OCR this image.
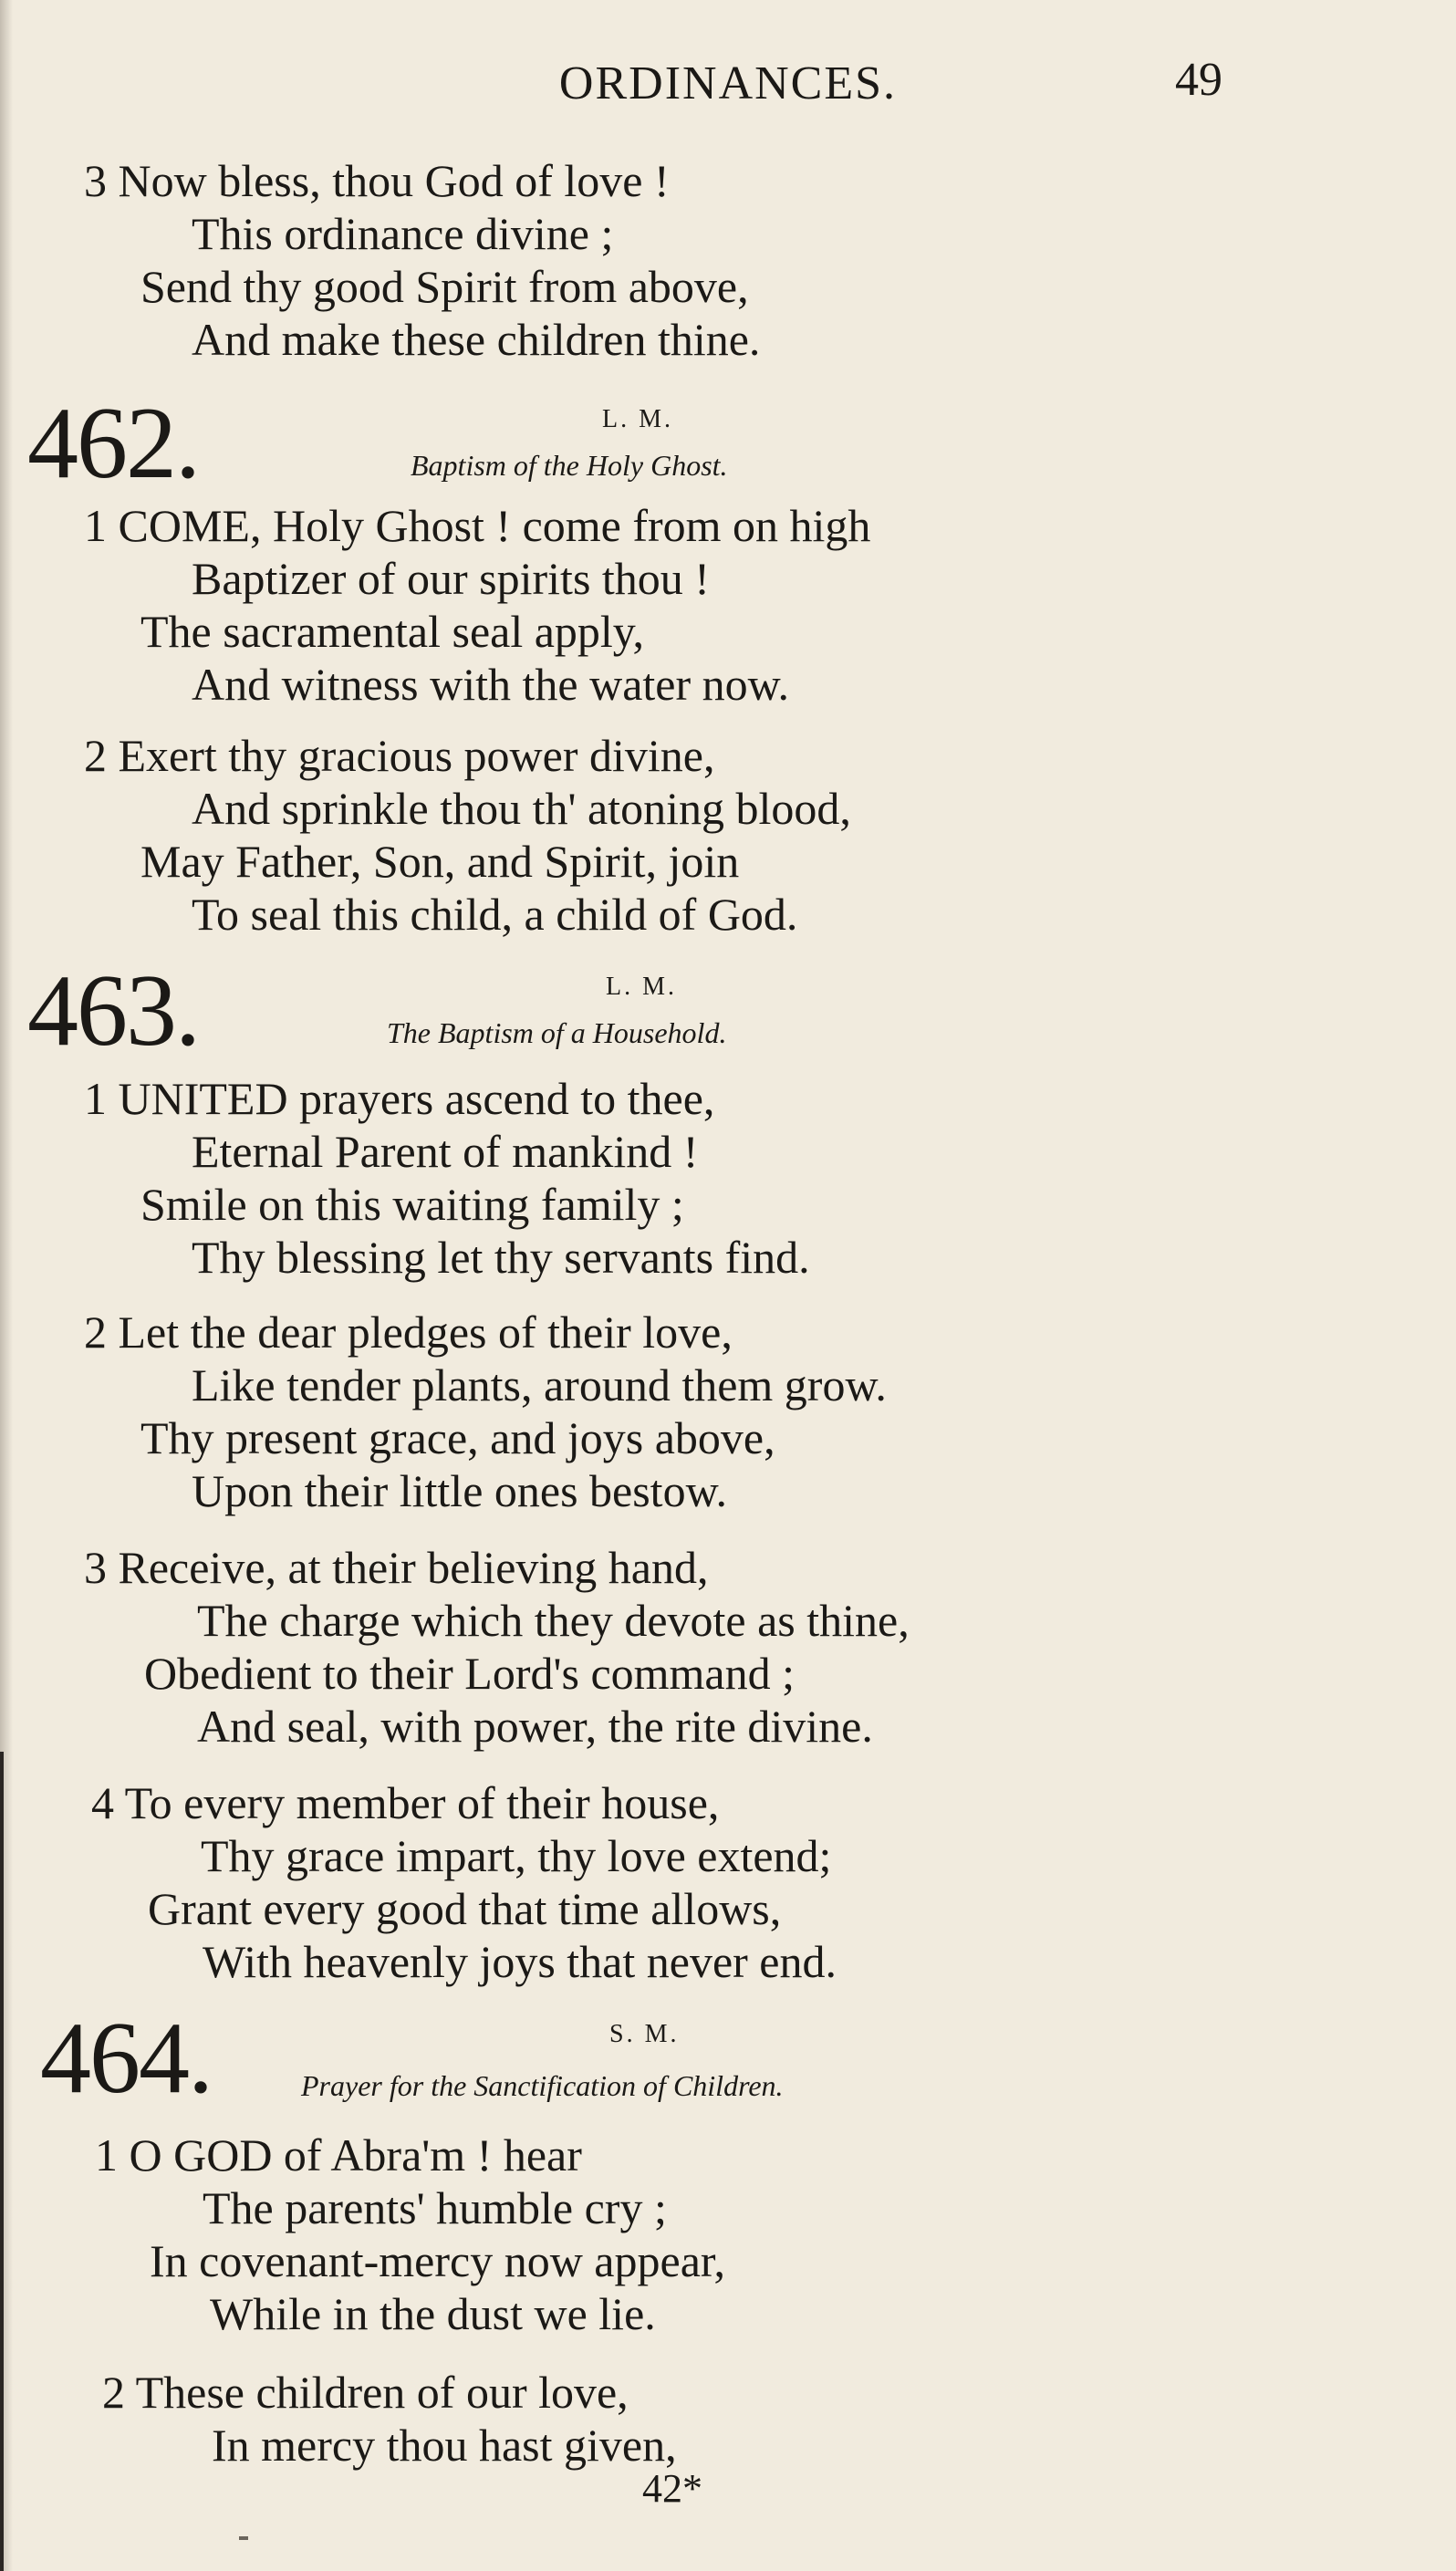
ORDINANCES.	49
3 Now bless, thou God of love !
This ordinance divine ;
Send thy good Spirit from above,
And make these children thine.
462.	L. M.
Baptism of the Holy Ghost.
1 COME, Holy Ghost ! come from on high
Baptizer of our spirits thou !
The sacramental seal apply,
And witness with the water now.
2 Exert thy gracious power divine,
And sprinkle thou th' atoning blood,
May Father, Son, and Spirit, join
To seal this child, a child of God.
463.	L. M.
The Baptism of a Household.
1 UNITED prayers ascend to thee,
Eternal Parent of mankind !
Smile on this waiting family ;
Thy blessing let thy servants find.
2 Let the dear pledges of their love,
Like tender plants, around them grow.
Thy present grace, and joys above,
Upon their little ones bestow.
3 Receive, at their believing hand,
The charge which they devote as thine,
Obedient to their Lord's command ;
And seal, with power, the rite divine.
4 To every member of their house,
Thy grace impart, thy love extend;
Grant every good that time allows,
With heavenly joys that never end.
464.	S. M.
Prayer for the Sanctification of Children.
1 O GOD of Abra'm ! hear
The parents' humble cry ;
In covenant-mercy now appear,
While in the dust we lie.
2 These children of our love,
In mercy thou hast given,
42*
